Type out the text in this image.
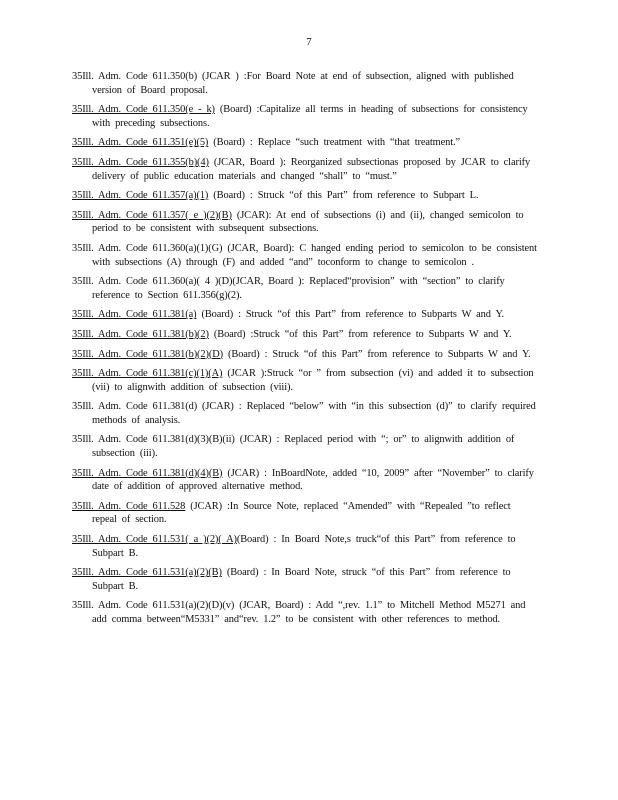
7
35Ill. Adm. Code 611.350(b) (JCAR ) :For Board Note at end of subsection, aligned with published version of Board proposal.
35Ill. Adm. Code 611.350(e - k) (Board) :Capitalize all terms in heading of subsections for consistency with preceding subsections.
35Ill. Adm. Code 611.351(e)(5) (Board) : Replace “such treatment with “that treatment.”
35Ill. Adm. Code 611.355(b)(4) (JCAR, Board ): Reorganized subsectionas proposed by JCAR to clarify delivery of public education materials and changed “shall” to “must.”
35Ill. Adm. Code 611.357(a)(1) (Board) : Struck “of this Part” from reference to Subpart L.
35Ill. Adm. Code 611.357( e )(2)(B) (JCAR): At end of subsections (i) and (ii), changed semicolon to period to be consistent with subsequent subsections.
35Ill. Adm. Code 611.360(a)(1)(G) (JCAR, Board): C hanged ending period to semicolon to be consistent with subsections (A) through (F) and added “and” toconform to change to semicolon .
35Ill. Adm. Code 611.360(a)( 4 )(D)(JCAR, Board ): Replaced“provision” with “section” to clarify reference to Section 611.356(g)(2).
35Ill. Adm. Code 611.381(a) (Board) : Struck “of this Part” from reference to Subparts W and Y.
35Ill. Adm. Code 611.381(b)(2) (Board) :Struck “of this Part” from reference to Subparts W and Y.
35Ill. Adm. Code 611.381(b)(2)(D) (Board) : Struck “of this Part” from reference to Subparts W and Y.
35Ill. Adm. Code 611.381(c)(1)(A) (JCAR ):Struck “or ” from subsection (vi) and added it to subsection (vii) to alignwith addition of subsection (viii).
35Ill. Adm. Code 611.381(d) (JCAR) : Replaced “below” with “in this subsection (d)” to clarify required methods of analysis.
35Ill. Adm. Code 611.381(d)(3)(B)(ii) (JCAR) : Replaced period with “; or” to alignwith addition of subsection (iii).
35Ill. Adm. Code 611.381(d)(4)(B) (JCAR) : InBoardNote, added “10, 2009” after “November” to clarify date of addition of approved alternative method.
35Ill. Adm. Code 611.528 (JCAR) :In Source Note, replaced “Amended” with “Repealed ”to reflect repeal of section.
35Ill. Adm. Code 611.531( a )(2)( A)(Board) : In Board Note,s truck“of this Part” from reference to Subpart B.
35Ill. Adm. Code 611.531(a)(2)(B) (Board) : In Board Note, struck “of this Part” from reference to Subpart B.
35Ill. Adm. Code 611.531(a)(2)(D)(v) (JCAR, Board) : Add “,rev. 1.1” to Mitchell Method M5271 and add comma between“M5331” and“rev. 1.2” to be consistent with other references to method.
